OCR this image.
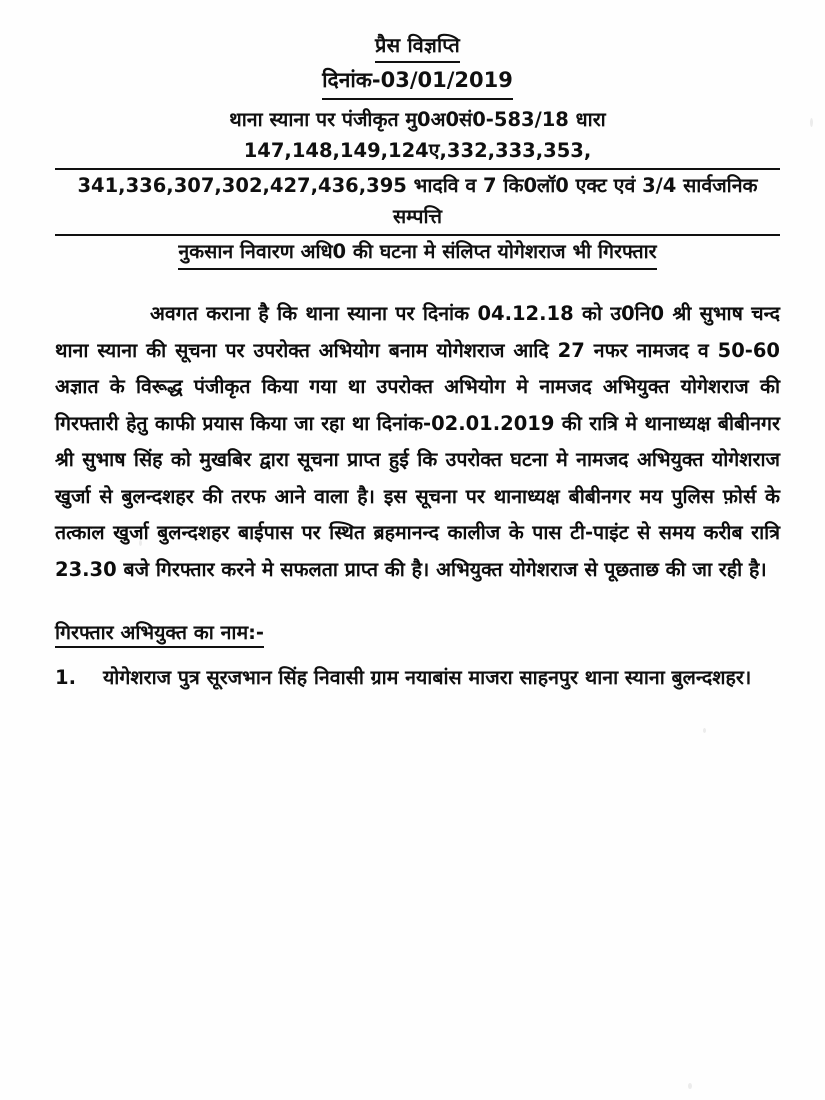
प्रैस विज्ञप्ति
दिनांक-03/01/2019
थाना स्याना पर पंजीकृत मु0अ0सं0-583/18 धारा 147,148,149,124ए,332,333,353,
341,336,307,302,427,436,395 भादवि व 7 कि0लॉ0 एक्ट एवं 3/4 सार्वजनिक सम्पत्ति
नुकसान निवारण अधि0 की घटना मे संलिप्त योगेशराज भी गिरफ्तार

अवगत कराना है कि थाना स्याना पर दिनांक 04.12.18 को उ0नि0 श्री सुभाष चन्द थाना स्याना की सूचना पर उपरोक्त अभियोग बनाम योगेशराज आदि 27 नफर नामजद व 50-60 अज्ञात के विरूद्ध पंजीकृत किया गया था उपरोक्त अभियोग मे नामजद अभियुक्त योगेशराज की गिरफ्तारी हेतु काफी प्रयास किया जा रहा था दिनांक-02.01.2019 की रात्रि मे थानाध्यक्ष बीबीनगर श्री सुभाष सिंह को मुखबिर द्वारा सूचना प्राप्त हुई कि उपरोक्त घटना मे नामजद अभियुक्त योगेशराज खुर्जा से बुलन्दशहर की तरफ आने वाला है। इस सूचना पर थानाध्यक्ष बीबीनगर मय पुलिस फ़ोर्स के तत्काल खुर्जा बुलन्दशहर बाईपास पर स्थित ब्रहमानन्द कालीज के पास टी-पाइंट से समय करीब रात्रि 23.30 बजे गिरफ्तार करने मे सफलता प्राप्त की है। अभियुक्त योगेशराज से पूछताछ की जा रही है।

गिरफ्तार अभियुक्त का नाम:-
1.	योगेशराज पुत्र सूरजभान सिंह निवासी ग्राम नयाबांस माजरा साहनपुर थाना स्याना बुलन्दशहर।
